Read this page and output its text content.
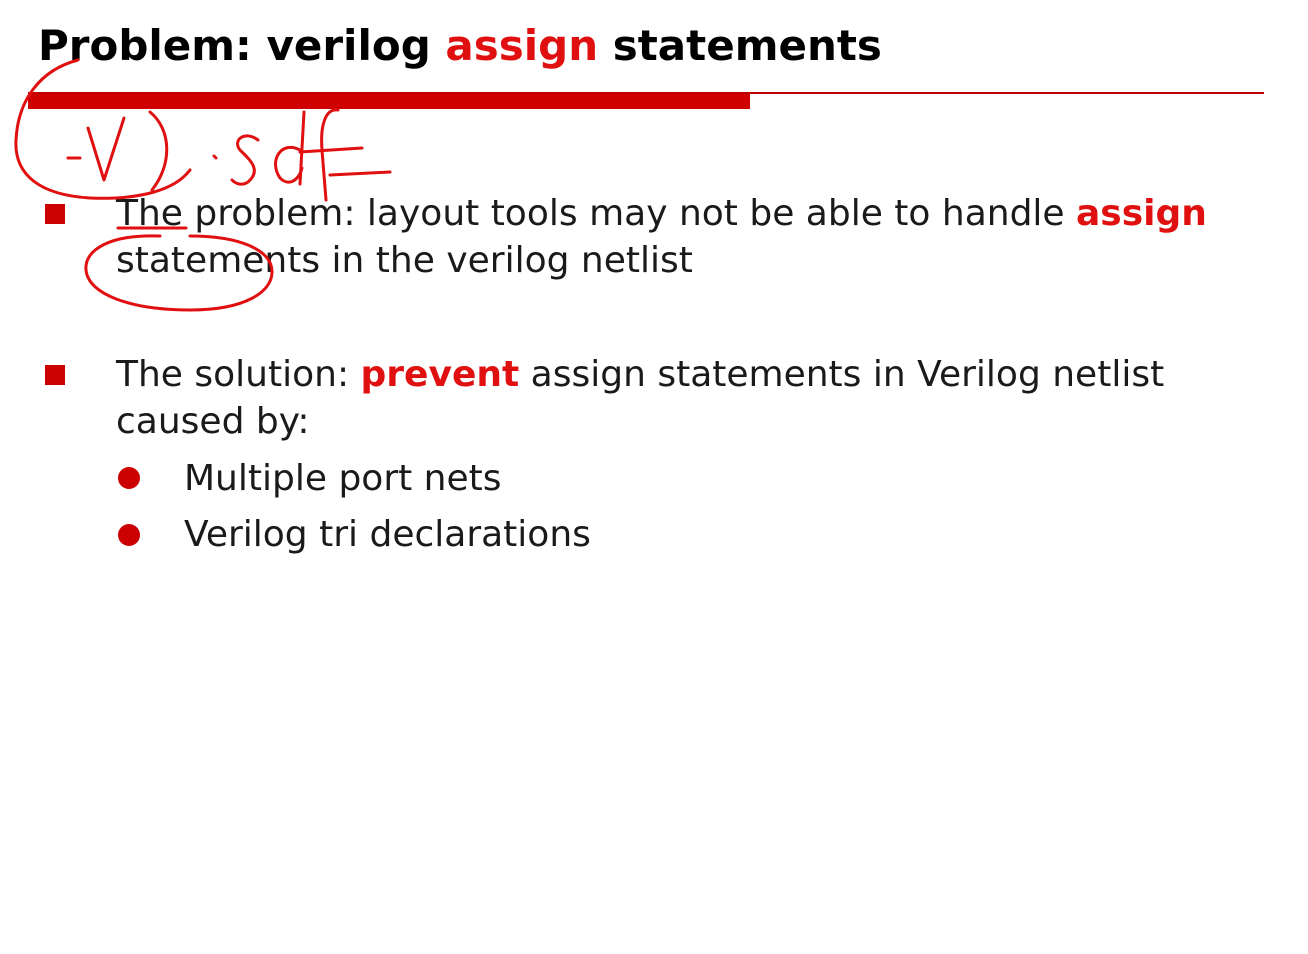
Problem: verilog assign statements
The problem: layout tools may not be able to handle assign statements in the verilog netlist
The solution: prevent assign statements in Verilog netlist caused by:
Multiple port nets
Verilog tri declarations
